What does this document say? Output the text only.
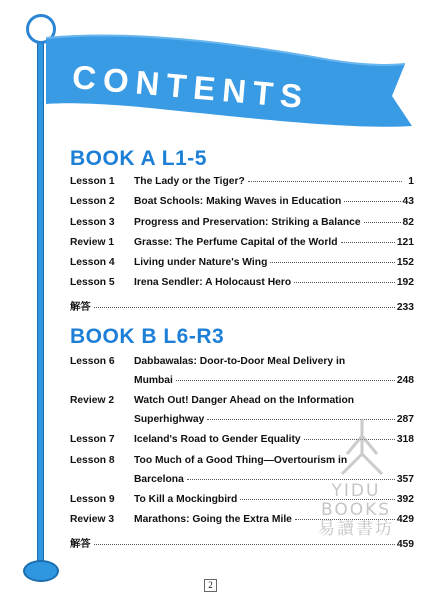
CONTENTS
BOOK A L1-5
Lesson 1	The Lady or the Tiger?	1
Lesson 2	Boat Schools: Making Waves in Education	43
Lesson 3	Progress and Preservation: Striking a Balance	82
Review 1	Grasse: The Perfume Capital of the World	121
Lesson 4	Living under Nature's Wing	152
Lesson 5	Irena Sendler: A Holocaust Hero	192
解答	233
BOOK B L6-R3
Lesson 6	Dabbawalas: Door-to-Door Meal Delivery in
Mumbai	248
Review 2	Watch Out! Danger Ahead on the Information
Superhighway	287
Lesson 7	Iceland's Road to Gender Equality	318
Lesson 8	Too Much of a Good Thing—Overtourism in
Barcelona	357
Lesson 9	To Kill a Mockingbird	392
Review 3	Marathons: Going the Extra Mile	429
解答	459
YIDU
BOOKS
易讀書坊
2
